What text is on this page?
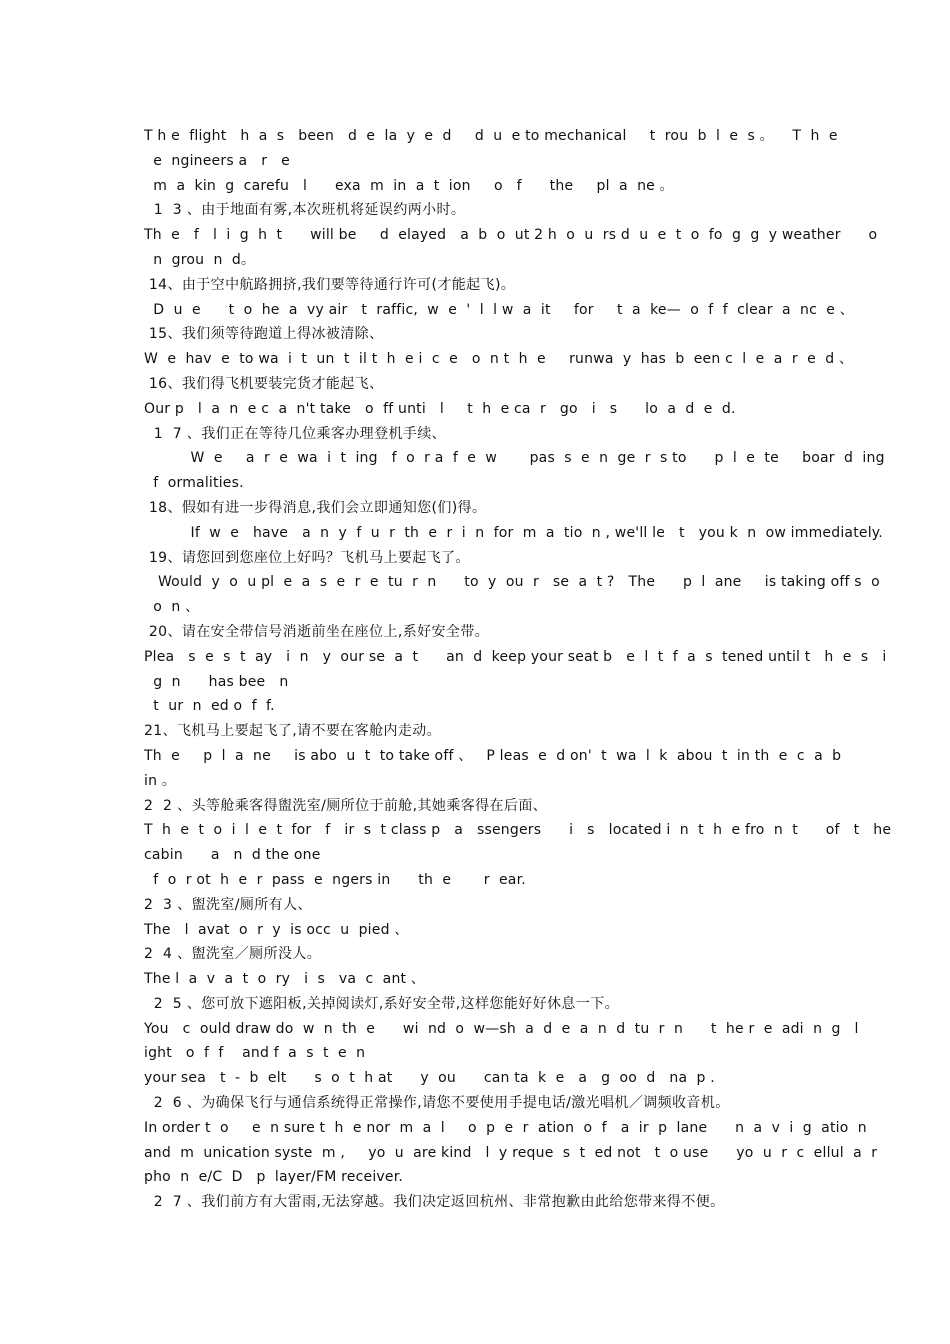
T h e  flight   h  a  s   been   d  e  la  y  e  d     d  u  e to mechanical     t  rou  b  l  e  s 。    T  h  e
e  ngineers a   r   e
m  a  kin  g  carefu   l      exa  m  in  a  t  ion     o   f      the     pl  a  ne 。
1  3 、由于地面有雾,本次班机将延误约两小时。
Th  e   f   l  i  g  h  t      will be     d  elayed   a  b  o  ut 2 h  o  u  rs d  u  e  t  o  fo  g  g  y weather      o
n  grou  n  d。
14、由于空中航路拥挤,我们要等待通行许可(才能起飞)。
D  u  e      t  o  he  a  vy air   t  raffic,  w  e  '  l  l w  a  it     for     t  a  ke—  o  f  f  clear  a  nc  e 、
15、我们须等待跑道上得冰被清除、
W  e  hav  e  to wa  i  t  un  t  il t  h  e i  c  e   o  n t  h  e     runwa  y  has  b  een c  l  e  a  r  e  d 、
16、我们得飞机要装完货才能起飞、
Our p   l  a  n  e c  a  n't take   o  ff unti   l     t  h  e ca  r   go   i   s      lo  a  d  e  d.
1  7 、我们正在等待几位乘客办理登机手续、
W  e     a  r  e  wa  i  t  ing   f  o  r a  f  e  w       pas  s  e  n  ge  r  s to      p  l  e  te     boar  d  ing
f  ormalities.
18、假如有进一步得消息,我们会立即通知您(们)得。
If  w  e   have   a  n  y  f  u  r  th  e  r  i  n  for  m  a  tio  n , we'll le   t   you k  n  ow immediately.
19、请您回到您座位上好吗？飞机马上要起飞了。
Would  y  o  u pl  e  a  s  e  r  e  tu  r  n      to  y  ou  r   se  a  t ?   The      p  l  ane     is taking off s  o
o  n 、
20、请在安全带信号消逝前坐在座位上,系好安全带。
Plea   s  e  s  t  ay   i  n   y  our se  a  t      an  d  keep your seat b   e  l  t  f  a  s  tened until t   h  e  s   i
g  n      has bee   n
t  ur  n  ed o  f  f.
21、飞机马上要起飞了,请不要在客舱内走动。
Th  e     p  l  a  ne     is abo  u  t  to take off 、   P leas  e  d on'  t  wa  l  k  abou  t  in th  e  c  a  b
in 。
2  2 、头等舱乘客得盥洗室/厕所位于前舱,其她乘客得在后面、
T  h  e  t  o  i  l  e  t  for   f   ir  s  t class p   a   ssengers      i   s   located i  n  t  h  e fro  n  t      of   t   he
cabin      a   n  d the one
f  o  r ot  h  e  r  pass  e  ngers in      th  e       r  ear.
2  3 、盥洗室/厕所有人、
The   l  avat  o  r  y  is occ  u  pied 、
2  4 、盥洗室／厕所没人。
The l  a  v  a  t  o  ry   i  s   va  c  ant 、
2  5 、您可放下遮阳板,关掉阅读灯,系好安全带,这样您能好好休息一下。
You   c  ould draw do  w  n  th  e      wi  nd  o  w—sh  a  d  e  a  n  d  tu  r  n      t  he r  e  adi  n  g   l
ight   o  f  f    and f  a  s  t  e  n
your sea   t  -  b  elt      s  o  t  h at      y  ou      can ta  k  e   a   g  oo  d   na  p .
2  6 、为确保飞行与通信系统得正常操作,请您不要使用手提电话/激光唱机／调频收音机。
In order t  o     e  n sure t  h  e nor  m  a  l     o  p  e  r  ation  o  f   a  ir  p  lane      n  a  v  i  g  atio  n
and  m  unication syste  m ,     yo  u  are kind   l  y reque  s  t  ed not   t  o use      yo  u  r  c  ellul  a  r
pho  n  e/C  D   p  layer/FM receiver.
2  7 、我们前方有大雷雨,无法穿越。我们决定返回杭州、非常抱歉由此给您带来得不便。
